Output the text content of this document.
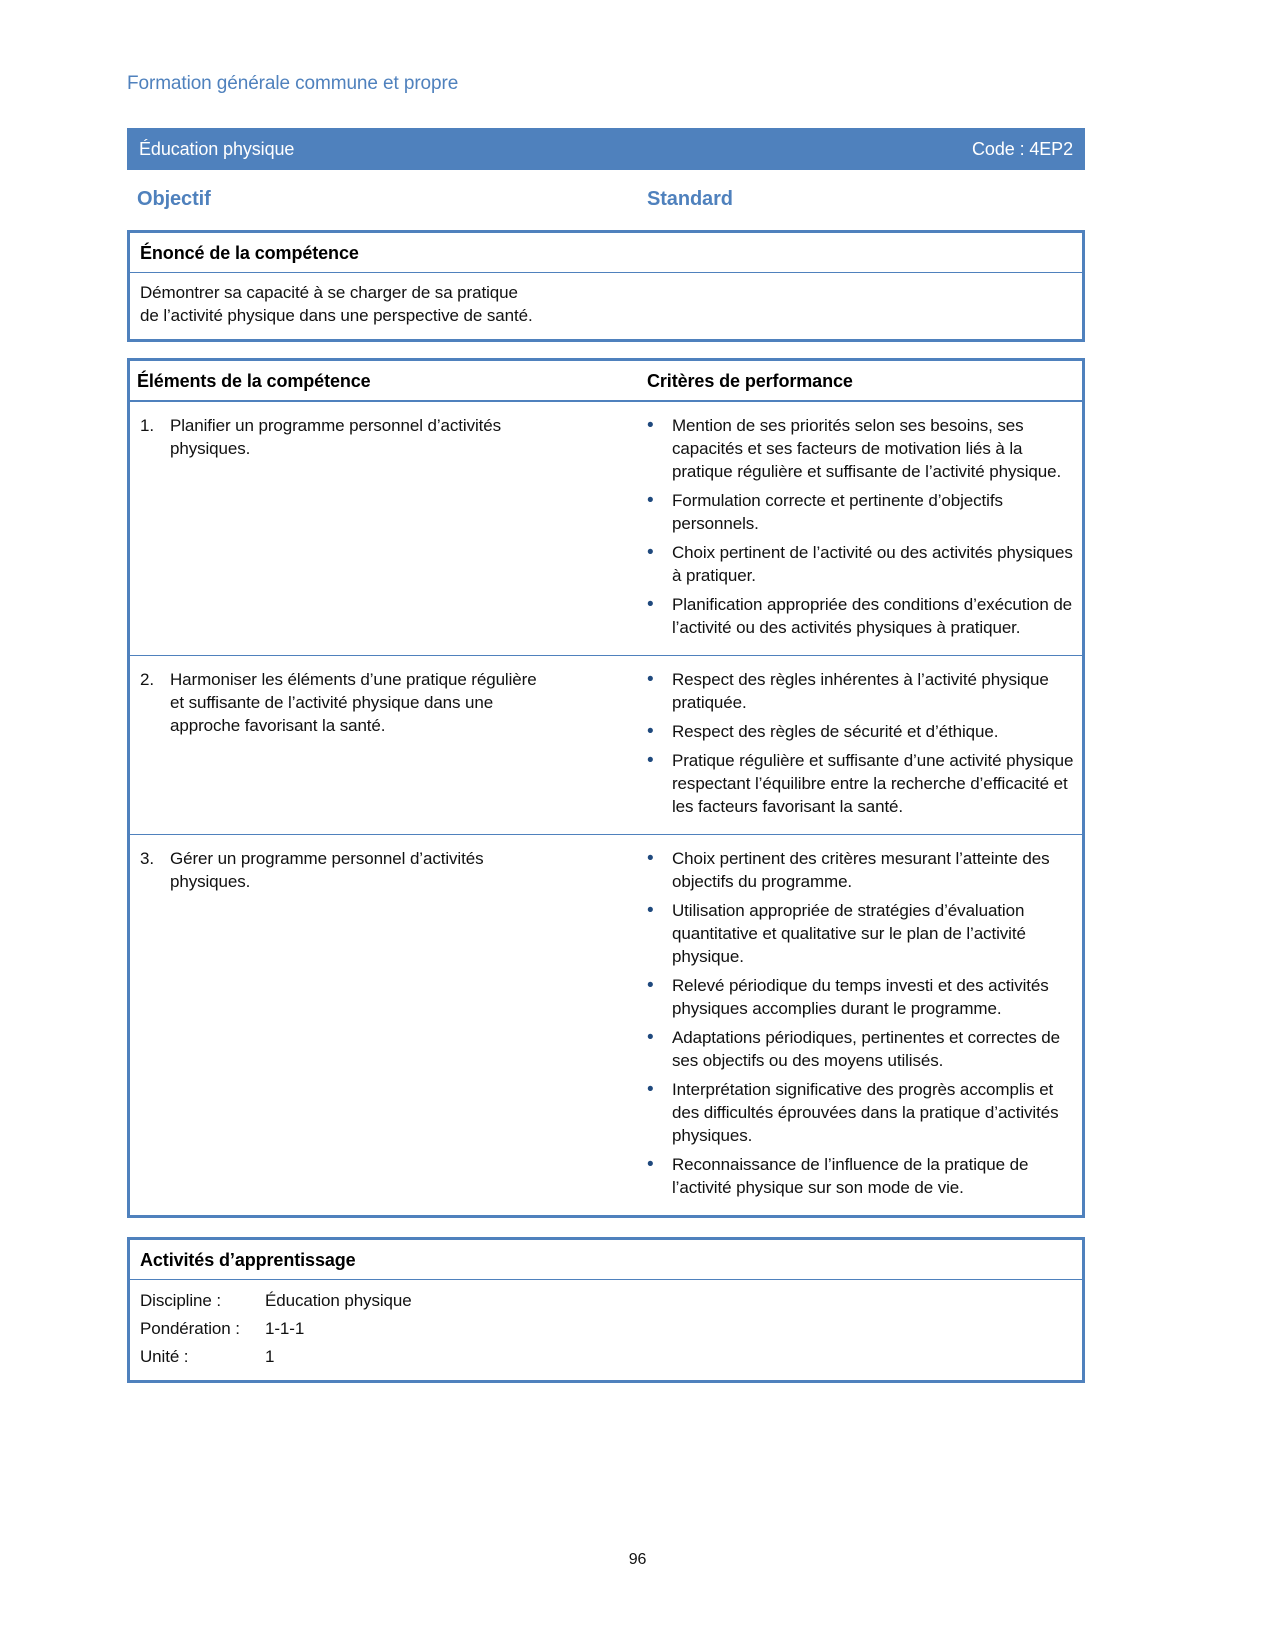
Formation générale commune et propre
Éducation physique	Code : 4EP2
Objectif	Standard
Énoncé de la compétence

Démontrer sa capacité à se charger de sa pratique de l’activité physique dans une perspective de santé.

Éléments de la compétence	Critères de performance
1. Planifier un programme personnel d’activités physiques.
•	Mention de ses priorités selon ses besoins, ses capacités et ses facteurs de motivation liés à la pratique régulière et suffisante de l’activité physique.
•	Formulation correcte et pertinente d’objectifs personnels.
•	Choix pertinent de l’activité ou des activités physiques à pratiquer.
•	Planification appropriée des conditions d’exécution de l’activité ou des activités physiques à pratiquer.
2. Harmoniser les éléments d’une pratique régulière et suffisante de l’activité physique dans une approche favorisant la santé.
•	Respect des règles inhérentes à l’activité physique pratiquée.
•	Respect des règles de sécurité et d’éthique.
•	Pratique régulière et suffisante d’une activité physique respectant l’équilibre entre la recherche d’efficacité et les facteurs favorisant la santé.
3. Gérer un programme personnel d’activités physiques.
•	Choix pertinent des critères mesurant l’atteinte des objectifs du programme.
•	Utilisation appropriée de stratégies d’évaluation quantitative et qualitative sur le plan de l’activité physique.
•	Relevé périodique du temps investi et des activités physiques accomplies durant le programme.
•	Adaptations périodiques, pertinentes et correctes de ses objectifs ou des moyens utilisés.
•	Interprétation significative des progrès accomplis et des difficultés éprouvées dans la pratique d’activités physiques.
•	Reconnaissance de l’influence de la pratique de l’activité physique sur son mode de vie.
Activités d’apprentissage
Discipline :	Éducation physique
Pondération :	1-1-1
Unité :	1
96
